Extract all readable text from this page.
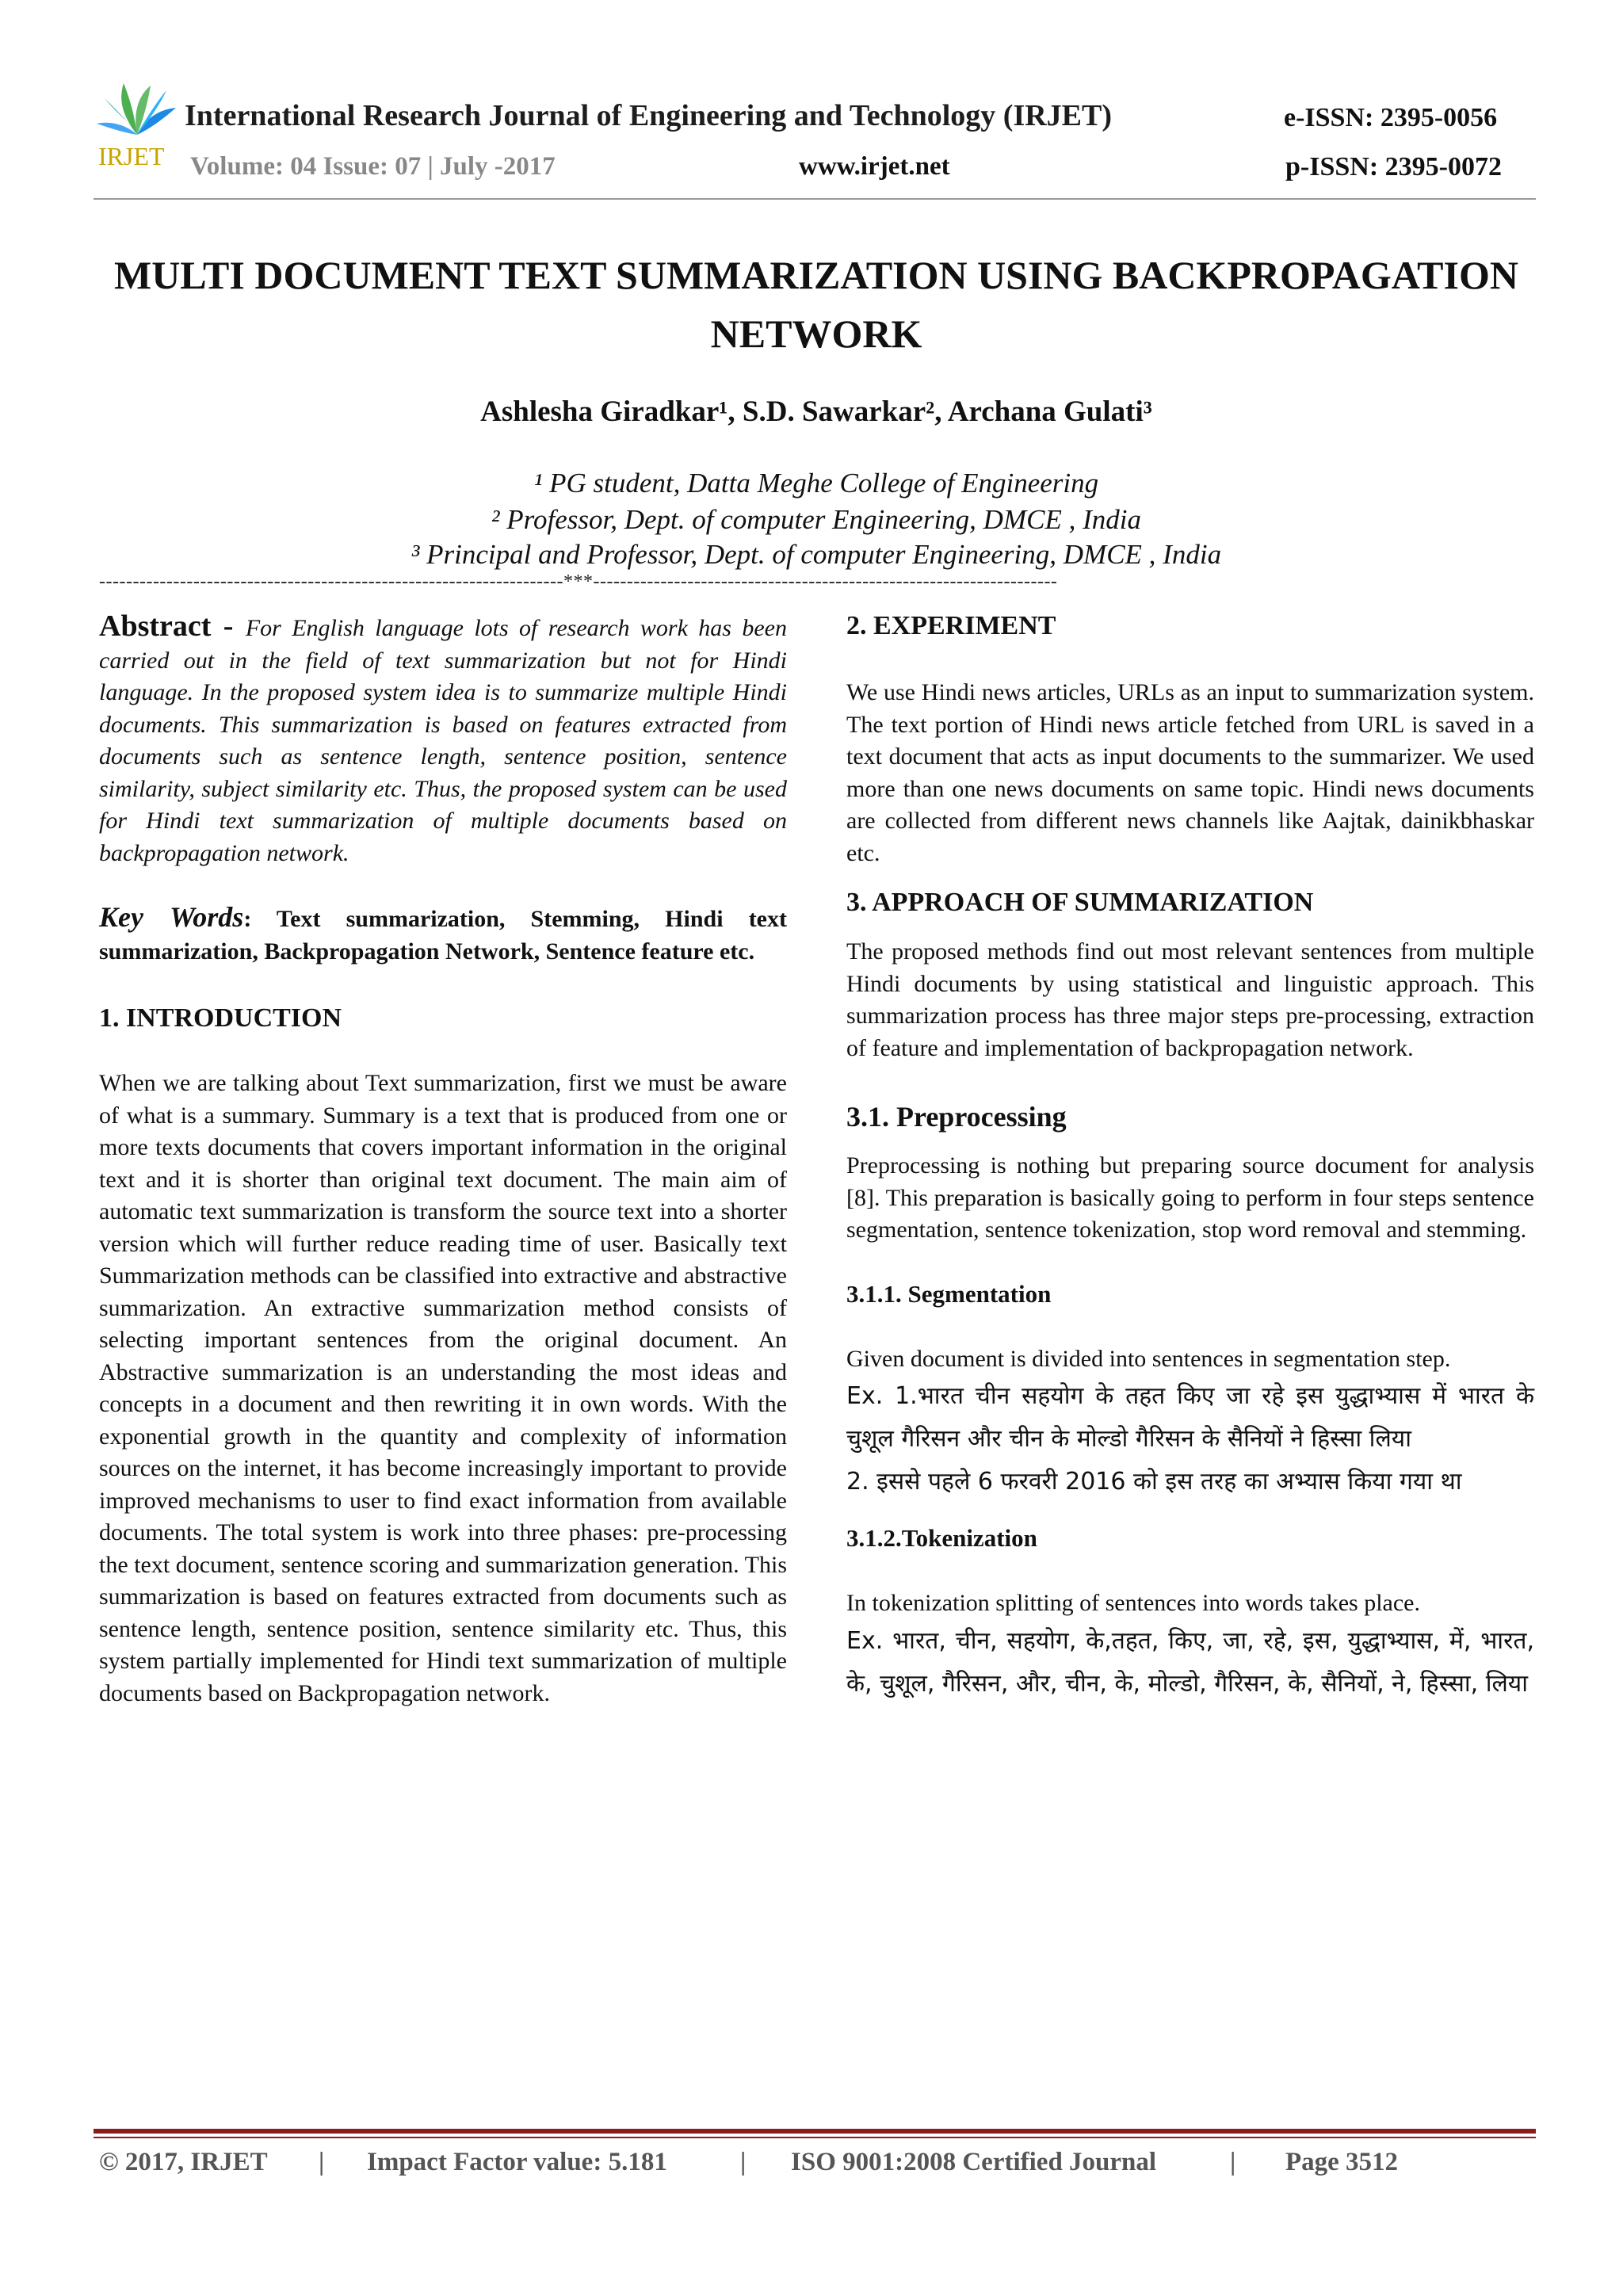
IRJET
International Research Journal of Engineering and Technology (IRJET)	e-ISSN: 2395-0056
Volume: 04 Issue: 07 | July -2017	www.irjet.net	p-ISSN: 2395-0072
MULTI DOCUMENT TEXT SUMMARIZATION USING BACKPROPAGATION
NETWORK
Ashlesha Giradkar¹, S.D. Sawarkar², Archana Gulati³
¹ PG student, Datta Meghe College of Engineering
² Professor, Dept. of computer Engineering, DMCE , India
³ Principal and Professor, Dept. of computer Engineering, DMCE , India
---------------------------------------------------------------------***---------------------------------------------------------------------

Abstract - For English language lots of research work has been carried out in the field of text summarization but not for Hindi language. In the proposed system idea is to summarize multiple Hindi documents. This summarization is based on features extracted from documents such as sentence length, sentence position, sentence similarity, subject similarity etc. Thus, the proposed system can be used for Hindi text summarization of multiple documents based on backpropagation network.

Key Words: Text summarization, Stemming, Hindi text summarization, Backpropagation Network, Sentence feature etc.

1. INTRODUCTION

When we are talking about Text summarization, first we must be aware of what is a summary. Summary is a text that is produced from one or more texts documents that covers important information in the original text and it is shorter than original text document. The main aim of automatic text summarization is transform the source text into a shorter version which will further reduce reading time of user. Basically text Summarization methods can be classified into extractive and abstractive summarization. An extractive summarization method consists of selecting important sentences from the original document. An Abstractive summarization is an understanding the most ideas and concepts in a document and then rewriting it in own words. With the exponential growth in the quantity and complexity of information sources on the internet, it has become increasingly important to provide improved mechanisms to user to find exact information from available documents. The total system is work into three phases: pre-processing the text document, sentence scoring and summarization generation. This summarization is based on features extracted from documents such as sentence length, sentence position, sentence similarity etc. Thus, this system partially implemented for Hindi text summarization of multiple documents based on Backpropagation network.

2. EXPERIMENT

We use Hindi news articles, URLs as an input to summarization system. The text portion of Hindi news article fetched from URL is saved in a text document that acts as input documents to the summarizer. We used more than one news documents on same topic. Hindi news documents are collected from different news channels like Aajtak, dainikbhaskar etc.

3. APPROACH OF SUMMARIZATION

The proposed methods find out most relevant sentences from multiple Hindi documents by using statistical and linguistic approach. This summarization process has three major steps pre-processing, extraction of feature and implementation of backpropagation network.

3.1. Preprocessing

Preprocessing is nothing but preparing source document for analysis [8]. This preparation is basically going to perform in four steps sentence segmentation, sentence tokenization, stop word removal and stemming.

3.1.1. Segmentation

Given document is divided into sentences in segmentation step.

Ex. 1.भारत चीन सहयोग के तहत किए जा रहे इस युद्धाभ्यास में भारत के चुशूल गैरिसन और चीन के मोल्डो गैरिसन के सैनियों ने हिस्सा लिया

2. इससे पहले 6 फरवरी 2016 को इस तरह का अभ्यास किया गया था

3.1.2.Tokenization

In tokenization splitting of sentences into words takes place.

Ex. भारत, चीन, सहयोग, के,तहत, किए, जा, रहे, इस, युद्धाभ्यास, में, भारत, के, चुशूल, गैरिसन, और, चीन, के, मोल्डो, गैरिसन, के, सैनियों, ने, हिस्सा, लिया

© 2017, IRJET | Impact Factor value: 5.181	| ISO 9001:2008 Certified Journal	| Page 3512
